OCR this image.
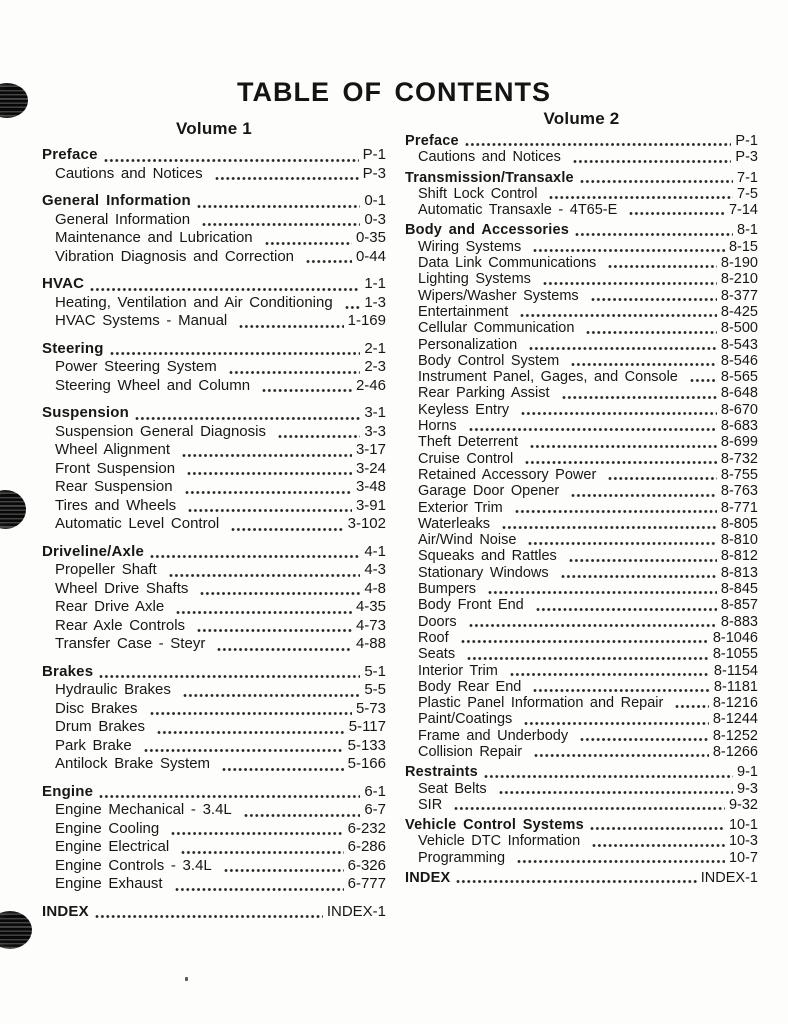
TABLE OF CONTENTS
Volume 1
Preface	P-1
Cautions and Notices	P-3
General Information	0-1
General Information	0-3
Maintenance and Lubrication	0-35
Vibration Diagnosis and Correction	0-44
HVAC	1-1
Heating, Ventilation and Air Conditioning 1-3
HVAC Systems - Manual	1-169
Steering	2-1
Power Steering System	2-3
Steering Wheel and Column	2-46
Suspension	3-1
Suspension General Diagnosis	3-3
Wheel Alignment	3-17
Front Suspension	3-24
Rear Suspension	3-48
Tires and Wheels	3-91
Automatic Level Control	3-102
Driveline/Axle	4-1
Propeller Shaft	4-3
Wheel Drive Shafts	4-8
Rear Drive Axle	4-35
Rear Axle Controls	4-73
Transfer Case - Steyr	4-88
Brakes	5-1
Hydraulic Brakes	5-5
Disc Brakes	5-73
Drum Brakes	5-117
Park Brake	5-133
Antilock Brake System	5-166
Engine	6-1
Engine Mechanical - 3.4L	6-7
Engine Cooling	6-232
Engine Electrical	6-286
Engine Controls - 3.4L	6-326
Engine Exhaust	6-777
INDEX	INDEX-1
Volume 2
Preface	P-1
Cautions and Notices	P-3
Transmission/Transaxle	7-1
Shift Lock Control	7-5
Automatic Transaxle - 4T65-E	7-14
Body and Accessories	8-1
Wiring Systems	8-15
Data Link Communications	8-190
Lighting Systems	8-210
Wipers/Washer Systems	8-377
Entertainment	8-425
Cellular Communication	8-500
Personalization	8-543
Body Control System	8-546
Instrument Panel, Gages, and Console	8-565
Rear Parking Assist	8-648
Keyless Entry	8-670
Horns	8-683
Theft Deterrent	8-699
Cruise Control	8-732
Retained Accessory Power	8-755
Garage Door Opener	8-763
Exterior Trim	8-771
Waterleaks	8-805
Air/Wind Noise	8-810
Squeaks and Rattles	8-812
Stationary Windows	8-813
Bumpers	8-845
Body Front End	8-857
Doors	8-883
Roof	8-1046
Seats	8-1055
Interior Trim	8-1154
Body Rear End	8-1181
Plastic Panel Information and Repair	8-1216
Paint/Coatings	8-1244
Frame and Underbody	8-1252
Collision Repair	8-1266
Restraints	9-1
Seat Belts	9-3
SIR	9-32
Vehicle Control Systems	10-1
Vehicle DTC Information	10-3
Programming	10-7
INDEX	INDEX-1
